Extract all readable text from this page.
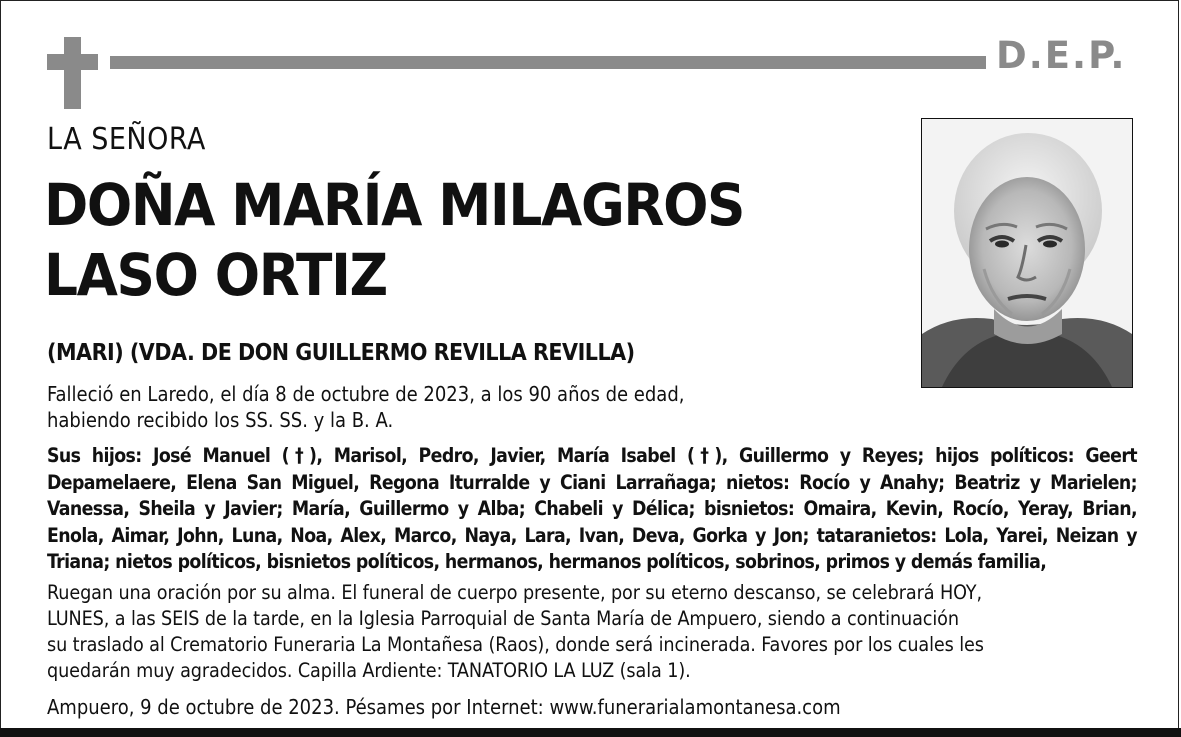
D.E.P.
LA SEÑORA
DOÑA MARÍA MILAGROS
LASO ORTIZ
(MARI) (VDA. DE DON GUILLERMO REVILLA REVILLA)
Falleció en Laredo, el día 8 de octubre de 2023, a los 90 años de edad,
habiendo recibido los SS. SS. y la B. A.
Sus hijos: José Manuel (†), Marisol, Pedro, Javier, María Isabel (†), Guillermo y Reyes; hijos políticos: Geert Depamelaere, Elena San Miguel, Regona Iturralde y Ciani Larrañaga; nietos: Rocío y Anahy; Beatriz y Marielen; Vanessa, Sheila y Javier; María, Guillermo y Alba; Chabeli y Délica; bisnietos: Omaira, Kevin, Rocío, Yeray, Brian, Enola, Aimar, John, Luna, Noa, Alex, Marco, Naya, Lara, Ivan, Deva, Gorka y Jon; tataranietos: Lola, Yarei, Neizan y Triana; nietos políticos, bisnietos políticos, hermanos, hermanos políticos, sobrinos, primos y demás familia,
Ruegan una oración por su alma. El funeral de cuerpo presente, por su eterno descanso, se celebrará HOY,
LUNES, a las SEIS de la tarde, en la Iglesia Parroquial de Santa María de Ampuero, siendo a continuación
su traslado al Crematorio Funeraria La Montañesa (Raos), donde será incinerada. Favores por los cuales les
quedarán muy agradecidos. Capilla Ardiente: TANATORIO LA LUZ (sala 1).
Ampuero, 9 de octubre de 2023. Pésames por Internet: www.funerarialamontanesa.com
